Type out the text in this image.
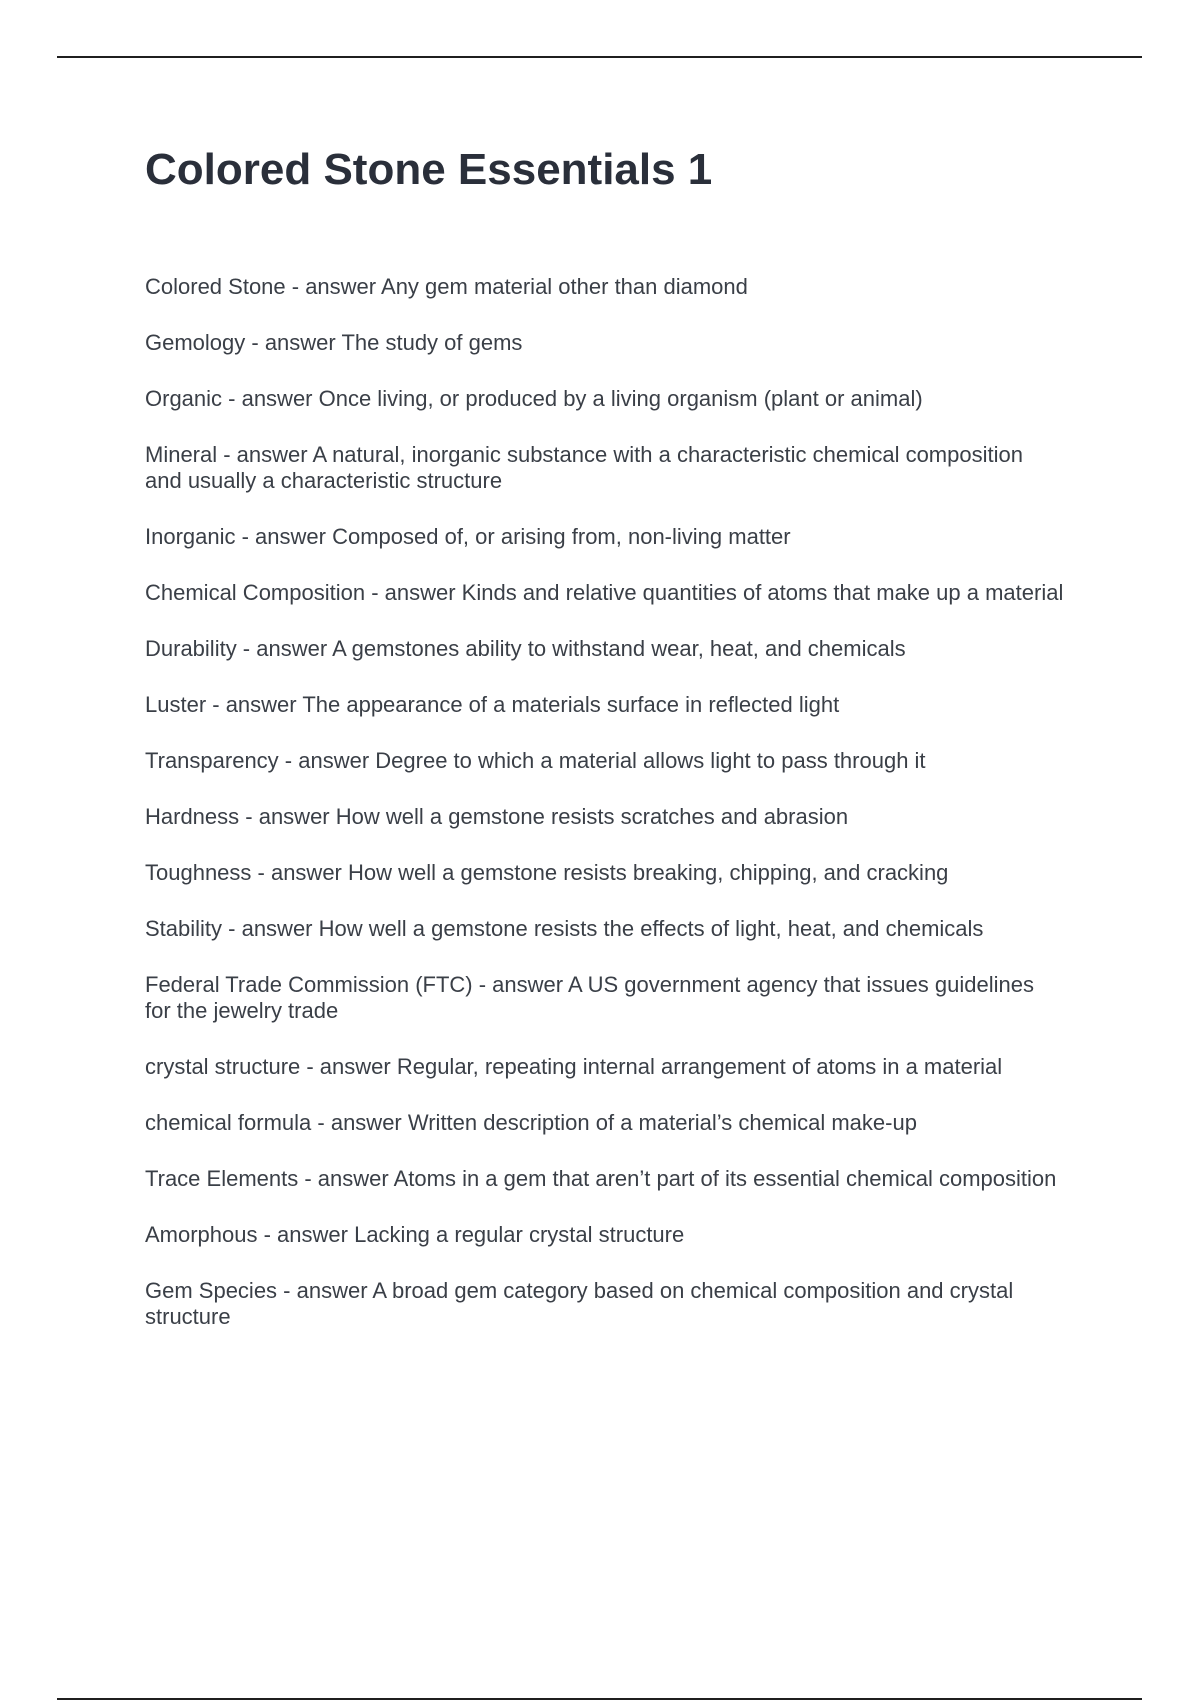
Colored Stone Essentials 1

Colored Stone - answer Any gem material other than diamond

Gemology - answer The study of gems

Organic - answer Once living, or produced by a living organism (plant or animal)

Mineral - answer A natural, inorganic substance with a characteristic chemical composition and usually a characteristic structure

Inorganic - answer Composed of, or arising from, non-living matter

Chemical Composition - answer Kinds and relative quantities of atoms that make up a material

Durability - answer A gemstones ability to withstand wear, heat, and chemicals

Luster - answer The appearance of a materials surface in reflected light

Transparency - answer Degree to which a material allows light to pass through it

Hardness - answer How well a gemstone resists scratches and abrasion

Toughness - answer How well a gemstone resists breaking, chipping, and cracking

Stability - answer How well a gemstone resists the effects of light, heat, and chemicals

Federal Trade Commission (FTC) - answer A US government agency that issues guidelines for the jewelry trade

crystal structure - answer Regular, repeating internal arrangement of atoms in a material

chemical formula - answer Written description of a material’s chemical make-up

Trace Elements - answer Atoms in a gem that aren’t part of its essential chemical composition

Amorphous - answer Lacking a regular crystal structure

Gem Species - answer A broad gem category based on chemical composition and crystal structure
